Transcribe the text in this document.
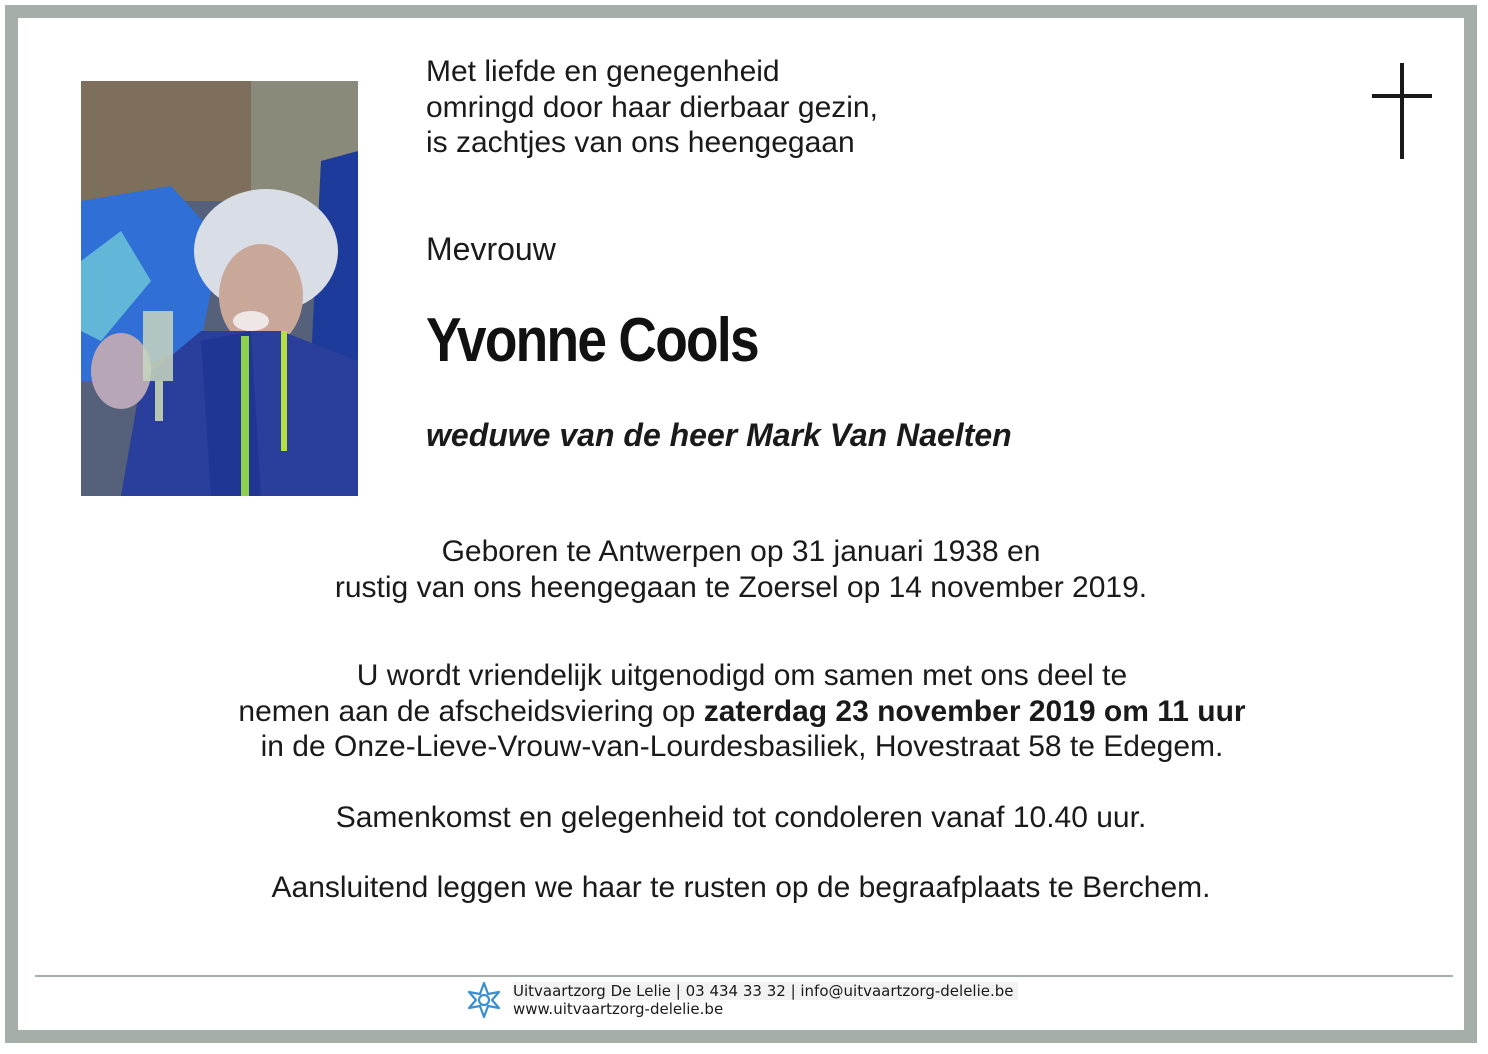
Met liefde en genegenheid
omringd door haar dierbaar gezin,
is zachtjes van ons heengegaan
Mevrouw
Yvonne Cools
weduwe van de heer Mark Van Naelten
Geboren te Antwerpen op 31 januari 1938 en
rustig van ons heengegaan te Zoersel op 14 november 2019.
U wordt vriendelijk uitgenodigd om samen met ons deel te
nemen aan de afscheidsviering op zaterdag 23 november 2019 om 11 uur
in de Onze-Lieve-Vrouw-van-Lourdesbasiliek, Hovestraat 58 te Edegem.
Samenkomst en gelegenheid tot condoleren vanaf 10.40 uur.
Aansluitend leggen we haar te rusten op de begraafplaats te Berchem.
Uitvaartzorg De Lelie | 03 434 33 32 | info@uitvaartzorg-delelie.be
www.uitvaartzorg-delelie.be
